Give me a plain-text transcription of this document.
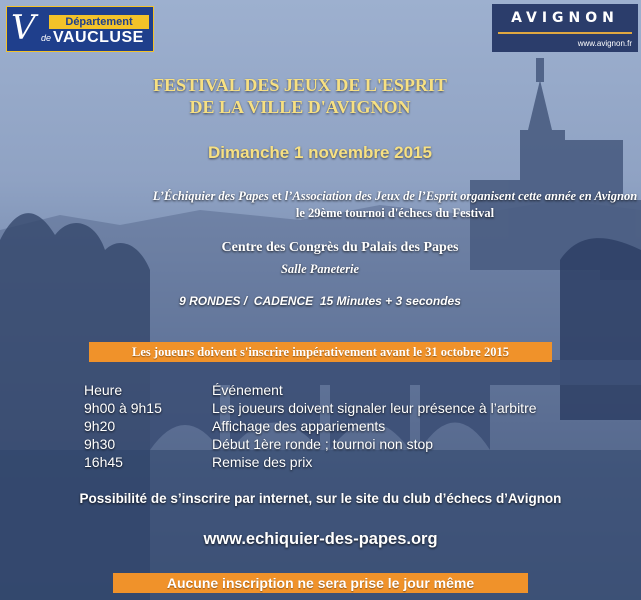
V	Département
de VAUCLUSE
AVIGNON
www.avignon.fr
FESTIVAL DES JEUX DE L'ESPRIT
DE LA VILLE D'AVIGNON
Dimanche 1 novembre 2015
L’Échiquier des Papes et l’Association des Jeux de l’Esprit organisent cette année en Avignon
le 29ème tournoi d'échecs du Festival
Centre des Congrès du Palais des Papes
Salle Paneterie
9 RONDES /  CADENCE  15 Minutes + 3 secondes
Les joueurs doivent s'inscrire impérativement avant le 31 octobre 2015
Heure	Événement
9h00 à 9h15	Les joueurs doivent signaler leur présence à l’arbitre
9h20	Affichage des appariements
9h30	Début 1ère ronde ; tournoi non stop
16h45	Remise des prix
Possibilité de s’inscrire par internet, sur le site du club d’échecs d’Avignon
www.echiquier-des-papes.org
Aucune inscription ne sera prise le jour même
